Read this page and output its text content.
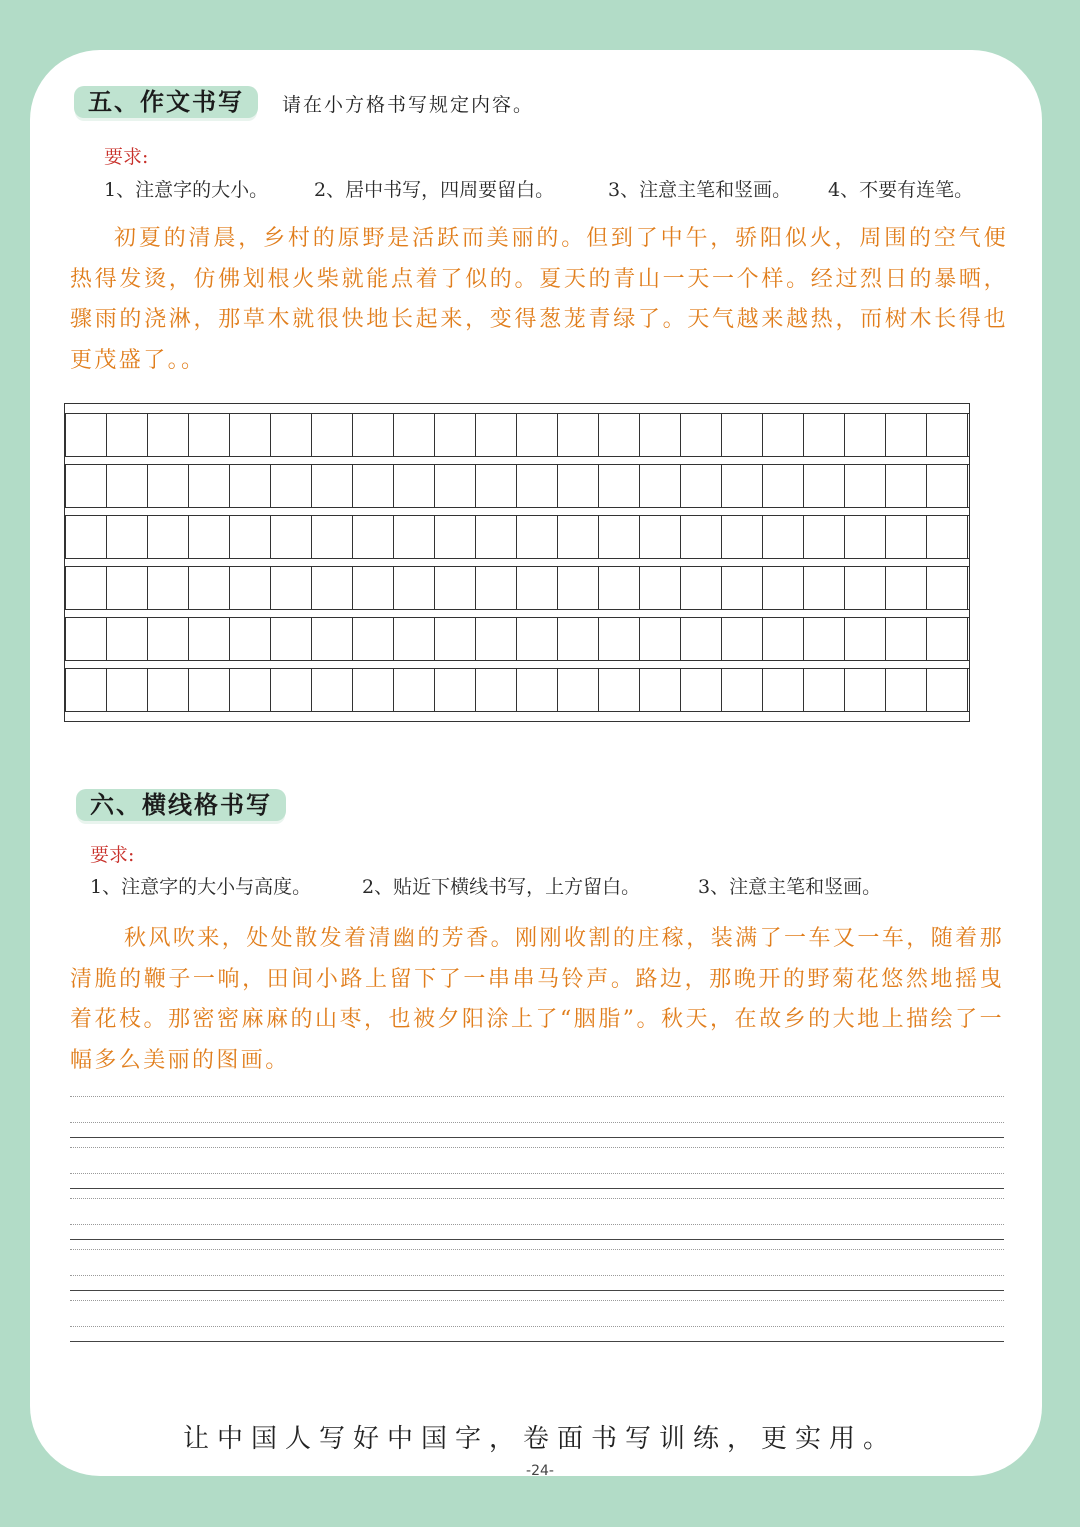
五、作文书写	请在小方格书写规定内容。
要求:
1、注意字的大小。 2、居中书写，四周要留白。	3、注意主笔和竖画。 4、不要有连笔。
初夏的清晨，乡村的原野是活跃而美丽的。但到了中午，骄阳似火，周围的空气便热得发烫，仿佛划根火柴就能点着了似的。夏天的青山一天一个样。经过烈日的暴晒，骤雨的浇淋，那草木就很快地长起来，变得葱茏青绿了。天气越来越热，而树木长得也更茂盛了。。
六、横线格书写
要求:
1、注意字的大小与高度。	2、贴近下横线书写，上方留白。	3、注意主笔和竖画。
秋风吹来，处处散发着清幽的芳香。刚刚收割的庄稼，装满了一车又一车，随着那清脆的鞭子一响，田间小路上留下了一串串马铃声。路边，那晚开的野菊花悠然地摇曳着花枝。那密密麻麻的山枣，也被夕阳涂上了“胭脂”。秋天，在故乡的大地上描绘了一幅多么美丽的图画。
让中国人写好中国字，卷面书写训练，更实用。
-24-
